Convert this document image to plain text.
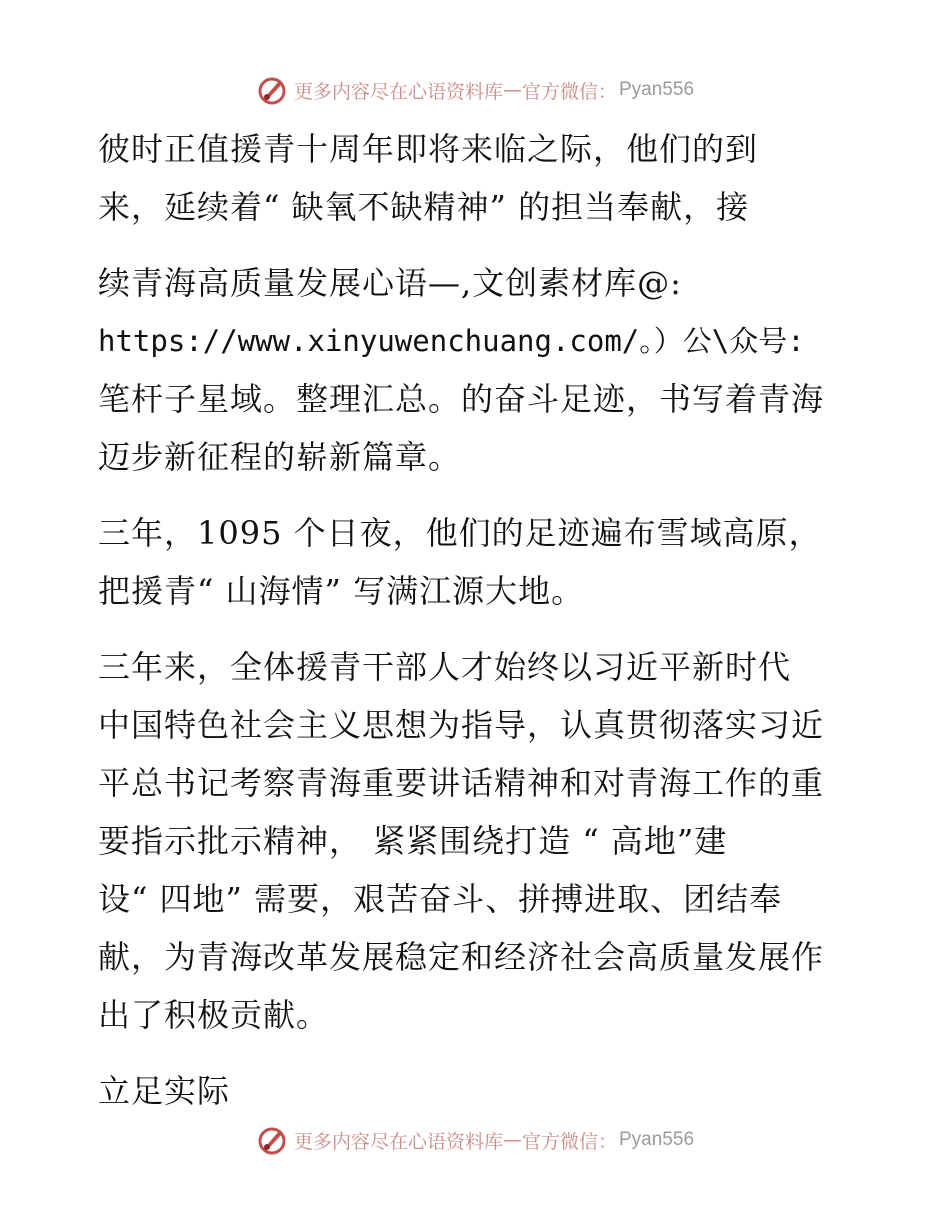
更多内容尽在心语资料库 — 官方微信： Pyan556
彼时正值援青十周年即将来临之际，他们的到
来，延续着“ 缺氧不缺精神” 的担当奉献，接
续青海高质量发展心语—,文创素材库@:
https://www.xinyuwenchuang.com/。）公\众号:
笔杆子星域。整理汇总。的奋斗足迹，书写着青海
迈步新征程的崭新篇章。
三年，1095 个日夜，他们的足迹遍布雪域高原，
把援青“ 山海情” 写满江源大地。
三年来，全体援青干部人才始终以习近平新时代
中国特色社会主义思想为指导，认真贯彻落实习近
平总书记考察青海重要讲话精神和对青海工作的重
要指示批示精神， 紧紧围绕打造 “ 高地”建
设“ 四地” 需要，艰苦奋斗、拼搏进取、团结奉
献，为青海改革发展稳定和经济社会高质量发展作
出了积极贡献。
立足实际
更多内容尽在心语资料库 — 官方微信： Pyan556
